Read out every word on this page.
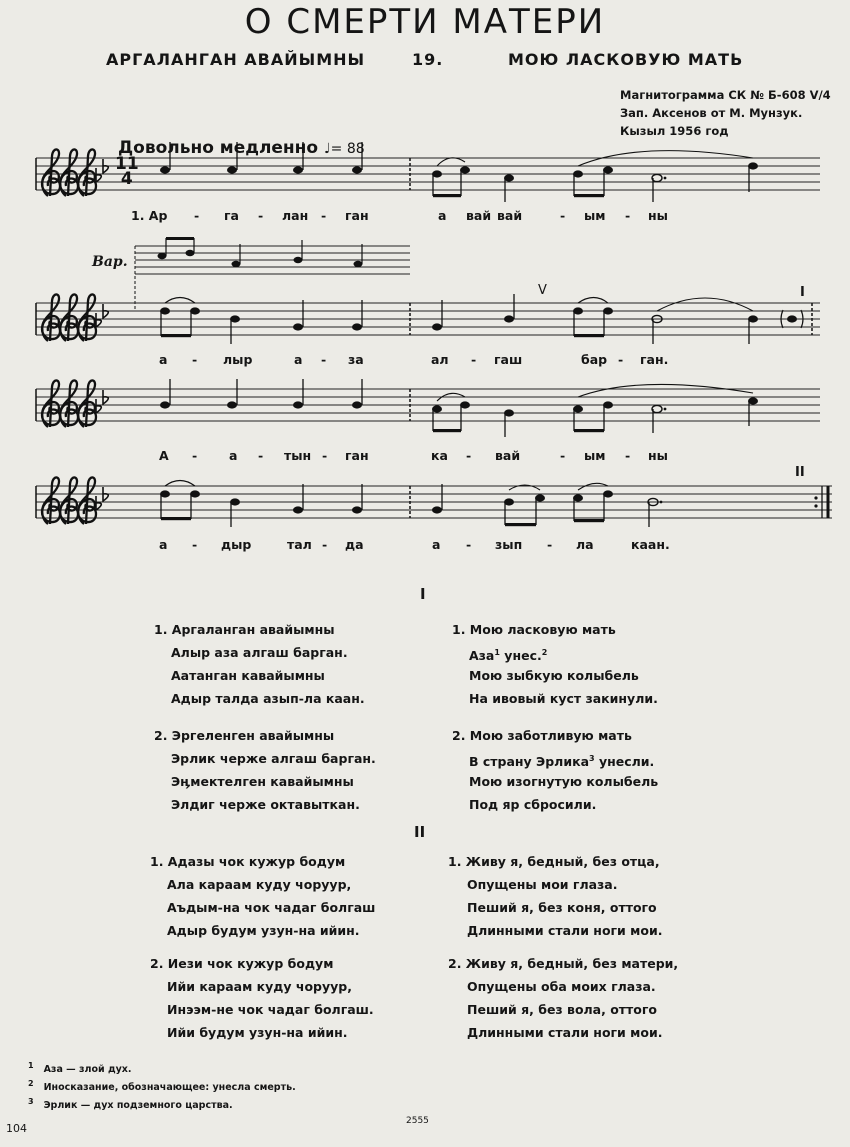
О СМЕРТИ МАТЕРИ
АРГАЛАНГАН АВАЙЫМНЫ	19.	МОЮ ЛАСКОВУЮ МАТЬ
Магнитограмма СК № Б-608 V/4
Зап. Аксенов от М. Мунзук.
Кызыл 1956 год
Довольно медленно ♩= 88
11
4
Вар.
V	I
II
1. Ар - га - лан - ган	а вай вай	- ым - ны
а - лыр	а - за	ал - гаш	бар - ган.
А -	а - тын - ган	ка - вай	- ым - ны
а - дыр	тал - да	а - зып - ла	каан.
I
1. Аргаланган авайымны
Алыр аза алгаш барган.
Аатанган кавайымны
Адыр талда азып-ла каан.
2. Эргеленген авайымны
Эрлик черже алгаш барган.
Эӊмектелген кавайымны
Элдиг черже октавыткан.
1. Мою ласковую мать
Аза$^1$ унес.$^2$
Мою зыбкую колыбель
На ивовый куст закинули.
2. Мою заботливую мать
В страну Эрлика$^3$ унесли.
Мою изогнутую колыбель
Под яр сбросили.
II
1. Адазы чок кужур бодум
Ала караам куду чоруур,
Аъдым-на чок чадаг болгаш
Адыр будум узун-на ийин.
2. Иези чок кужур бодум
Ийи караам куду чоруур,
Инээм-не чок чадаг болгаш.
Ийи будум узун-на ийин.
1. Живу я, бедный, без отца,
Опущены мои глаза.
Пеший я, без коня, оттого
Длинными стали ноги мои.
2. Живу я, бедный, без матери,
Опущены оба моих глаза.
Пеший я, без вола, оттого
Длинными стали ноги мои.
$^1$ Аза — злой дух.
$^2$ Иносказание, обозначающее: унесла смерть.
$^3$ Эрлик — дух подземного царства.
104
2555
